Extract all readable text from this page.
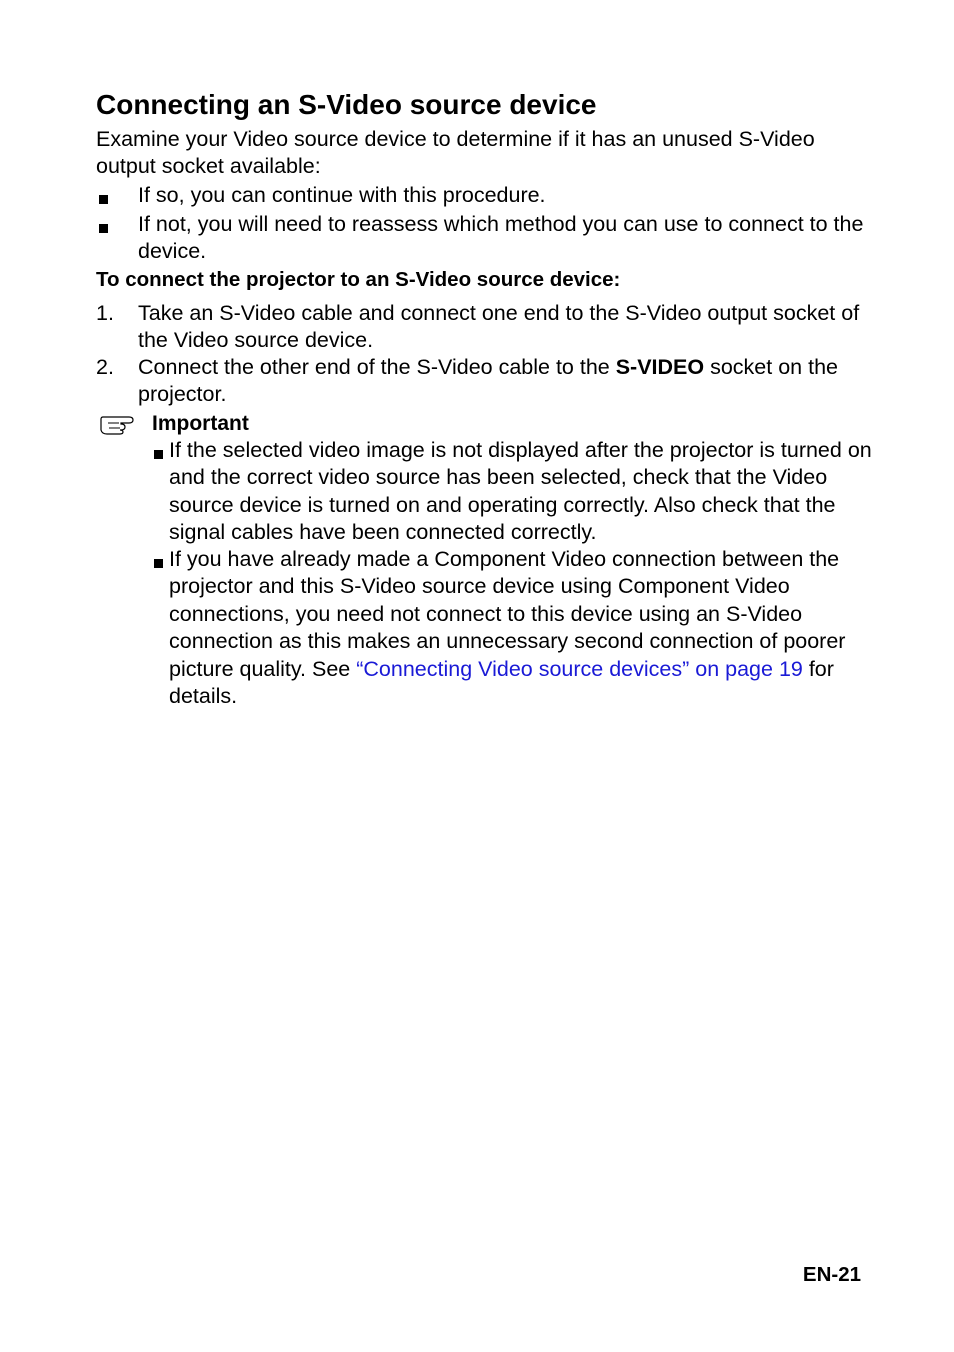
Connecting an S-Video source device
Examine your Video source device to determine if it has an unused S-Video output socket available:
If so, you can continue with this procedure.
If not, you will need to reassess which method you can use to connect to the device.
To connect the projector to an S-Video source device:
1. Take an S-Video cable and connect one end to the S-Video output socket of the Video source device.
2. Connect the other end of the S-Video cable to the S-VIDEO socket on the projector.
Important
If the selected video image is not displayed after the projector is turned on and the correct video source has been selected, check that the Video source device is turned on and operating correctly. Also check that the signal cables have been connected correctly.
If you have already made a Component Video connection between the projector and this S-Video source device using Component Video connections, you need not connect to this device using an S-Video connection as this makes an unnecessary second connection of poorer picture quality. See “Connecting Video source devices” on page 19 for details.
EN-21
